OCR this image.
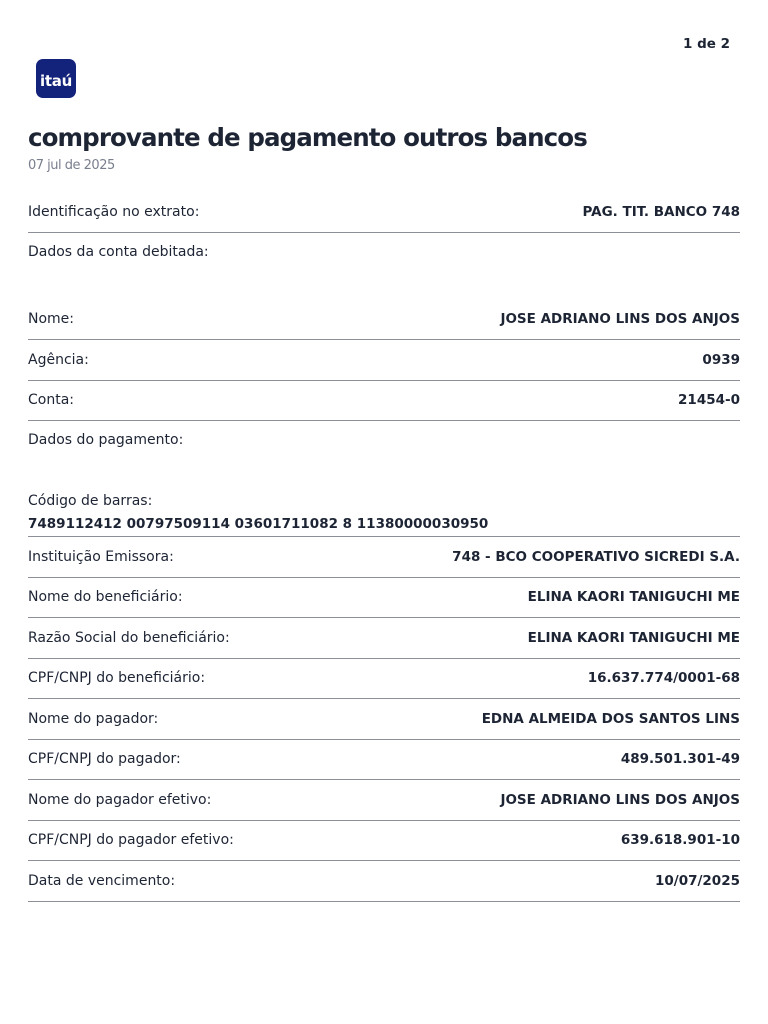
1 de 2
itaú
comprovante de pagamento outros bancos
07 jul de 2025
Identificação no extrato:	PAG. TIT. BANCO 748
Dados da conta debitada:
Nome:	JOSE ADRIANO LINS DOS ANJOS
Agência:	0939
Conta:	21454-0
Dados do pagamento:
Código de barras:
7489112412 00797509114 03601711082 8 11380000030950
Instituição Emissora:	748 - BCO COOPERATIVO SICREDI S.A.
Nome do beneficiário:	ELINA KAORI TANIGUCHI ME
Razão Social do beneficiário:	ELINA KAORI TANIGUCHI ME
CPF/CNPJ do beneficiário:	16.637.774/0001-68
Nome do pagador:	EDNA ALMEIDA DOS SANTOS LINS
CPF/CNPJ do pagador:	489.501.301-49
Nome do pagador efetivo:	JOSE ADRIANO LINS DOS ANJOS
CPF/CNPJ do pagador efetivo:	639.618.901-10
Data de vencimento:	10/07/2025
